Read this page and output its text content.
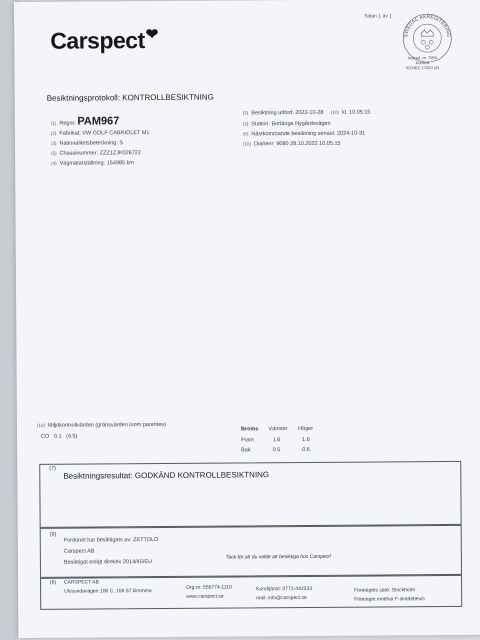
Carspect❤
Sidan 1 av 1
SWEDAC AKREDITERING
Ackred. nr. 7950
Kontroll
ISO/IEC 17020 (A)
Besiktningsprotokoll: KONTROLLBESIKTNING
(1) Regnr: PAM967
(2) Fabrikat: VW GOLF CABRIOLET M1
(3) Nationalitetsbeteckning: S
(5) Chassinummer: ZZZ1ZJK026722
(4) Vägmätarställning: 154985 km
(3) Besiktning utförd: 2022-10-28 (10) kl. 10.05:15
(3) Station: Borlänge Nygårdsvägen
(8) Nästkommande besiktning senast: 2024-10-31
(10) Diarienr: 9080 28.10.2022 10.05.15
(10) Miljökontrollvärden (gränsvärden inom parentes)
CO 0.1 (4.5)
Broms Vänster Höger
Fram	1.6	1.6
Bak	0.5	0.6
(7)
Besiktningsresultat: GODKÄND KONTROLLBESIKTNING
(9)
Fordonet har besiktigats av: ZETTOLO
Carspect AB
Besiktigat enligt direktiv 2014/45/EU
Tack för att du valde att besiktiga hos Carspect!
(6) CARSPECT AB
Ulvsundavägen 106 C, 168 67 Bromma
Org.nr: 556774-1110
www.carspect.se
Kundtjänst: 0771-442233
mail: info@carspect.se
Företagets säte: Stockholm
Företaget innehar F-skattebevis
